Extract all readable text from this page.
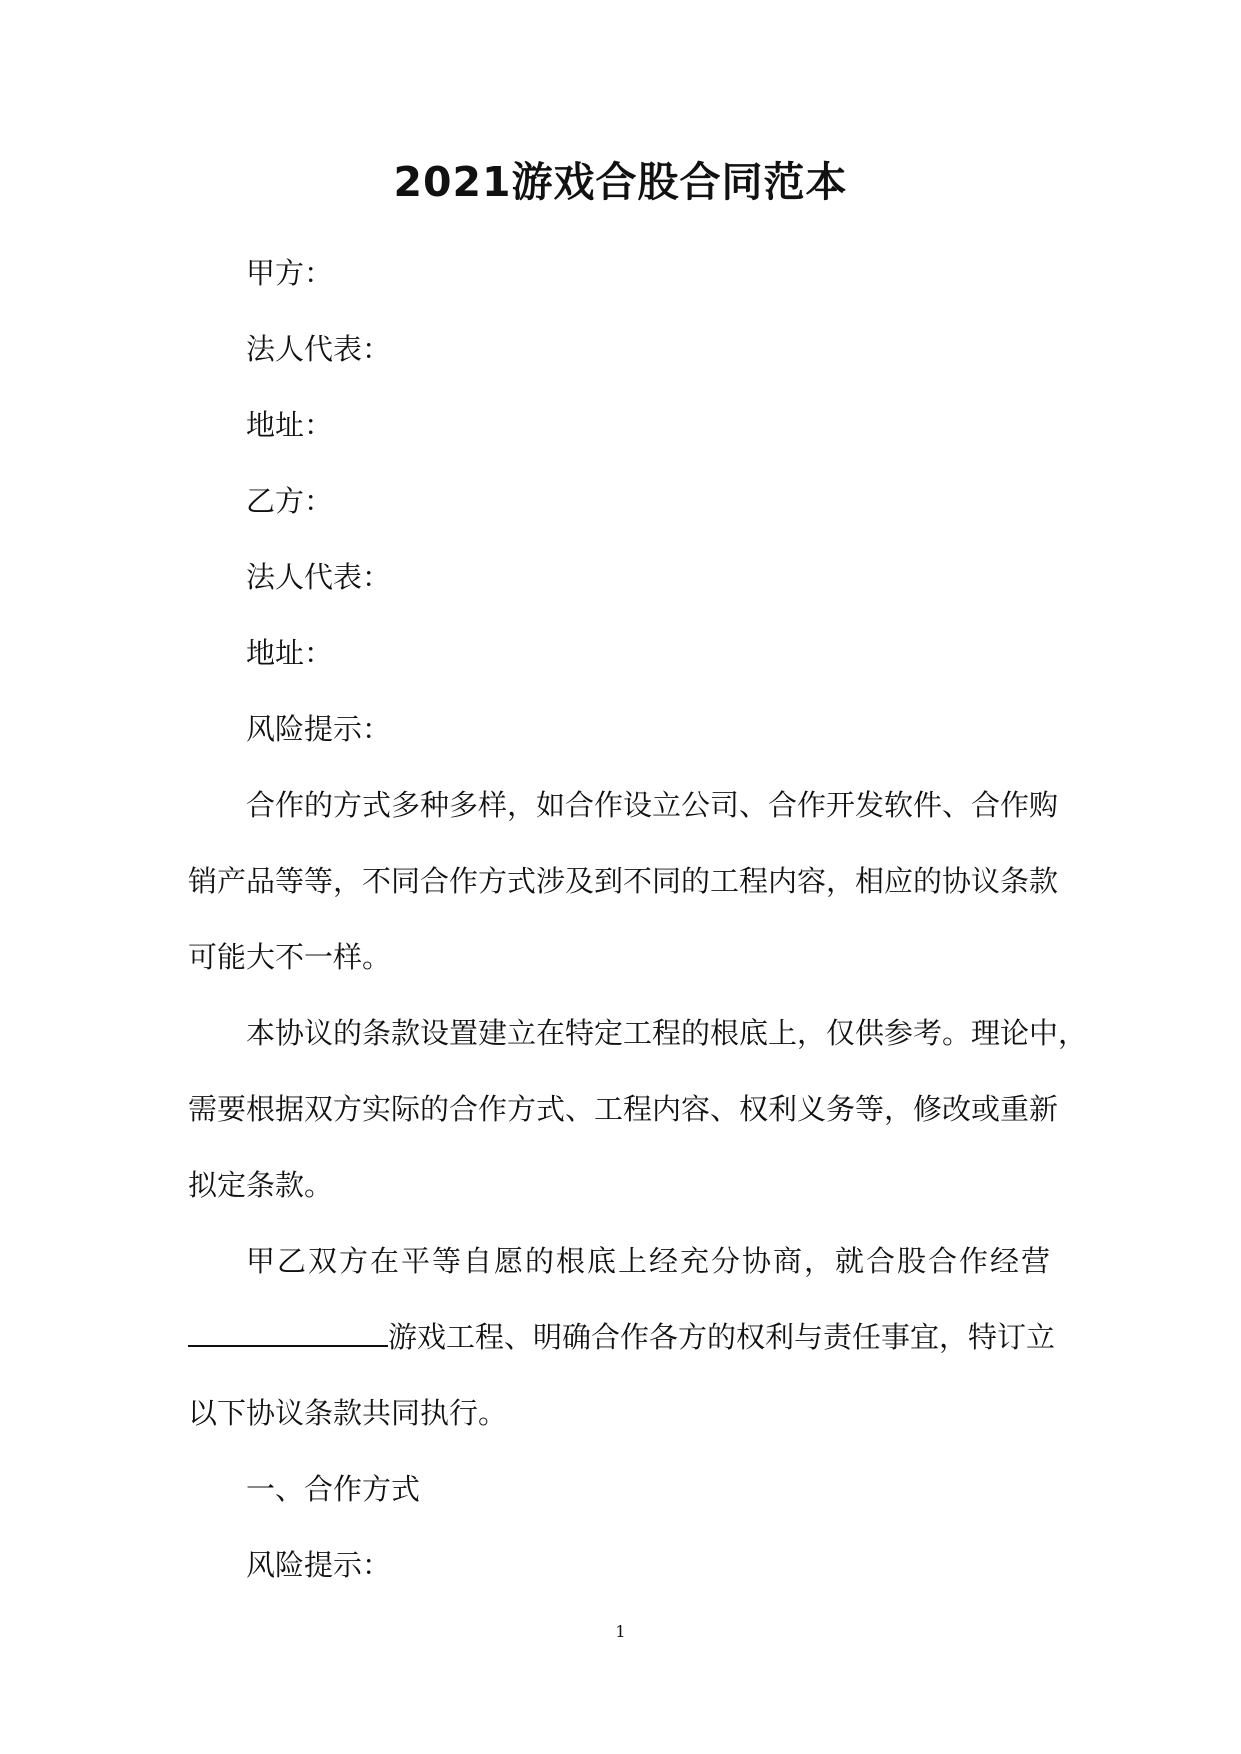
2021游戏合股合同范本
甲方：
法人代表：
地址：
乙方：
法人代表：
地址：
风险提示：
合作的方式多种多样，如合作设立公司、合作开发软件、合作购
销产品等等，不同合作方式涉及到不同的工程内容，相应的协议条款
可能大不一样。
本协议的条款设置建立在特定工程的根底上，仅供参考。理论中，
需要根据双方实际的合作方式、工程内容、权利义务等，修改或重新
拟定条款。
甲乙双方在平等自愿的根底上经充分协商，就合股合作经营
游戏工程、明确合作各方的权利与责任事宜，特订立
以下协议条款共同执行。
一、合作方式
风险提示：
1
